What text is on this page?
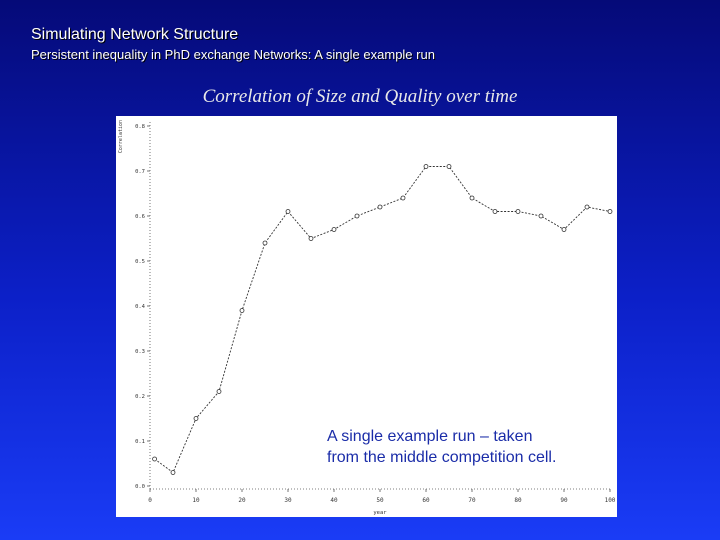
Simulating Network Structure
Persistent inequality in PhD exchange Networks: A single example run
Correlation of Size and Quality over time
0.0
0.1
0.2
0.3
0.4
0.5
0.6
0.7
0.8
Correlation
0	10	20	30	40	50	60	70	80	90	100
year
A single example run – taken
from the middle competition cell.
